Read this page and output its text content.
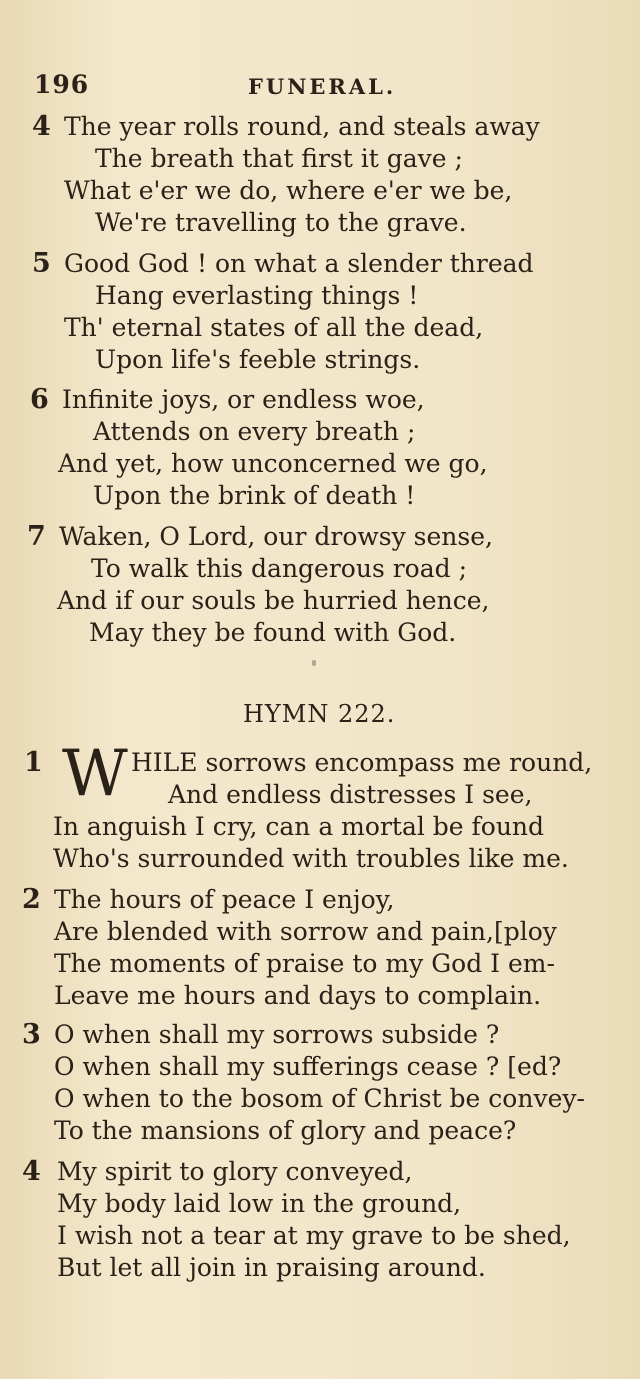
196	FUNERAL.
4 The year rolls round, and steals away
The breath that first it gave ;
What e'er we do, where e'er we be,
We're travelling to the grave.
5 Good God ! on what a slender thread
Hang everlasting things !
Th' eternal states of all the dead,
Upon life's feeble strings.
6 Infinite joys, or endless woe,
Attends on every breath ;
And yet, how unconcerned we go,
Upon the brink of death !
7 Waken, O Lord, our drowsy sense,
To walk this dangerous road ;
And if our souls be hurried hence,
May they be found with God.
HYMN 222.
1 W HILE sorrows encompass me round,
And endless distresses I see,
In anguish I cry, can a mortal be found
Who's surrounded with troubles like me.
2 The hours of peace I enjoy,
Are blended with sorrow and pain,[ploy
The moments of praise to my God I em-
Leave me hours and days to complain.
3 O when shall my sorrows subside ?
O when shall my sufferings cease ? [ed?
O when to the bosom of Christ be convey-
To the mansions of glory and peace?
4 My spirit to glory conveyed,
My body laid low in the ground,
I wish not a tear at my grave to be shed,
But let all join in praising around.
